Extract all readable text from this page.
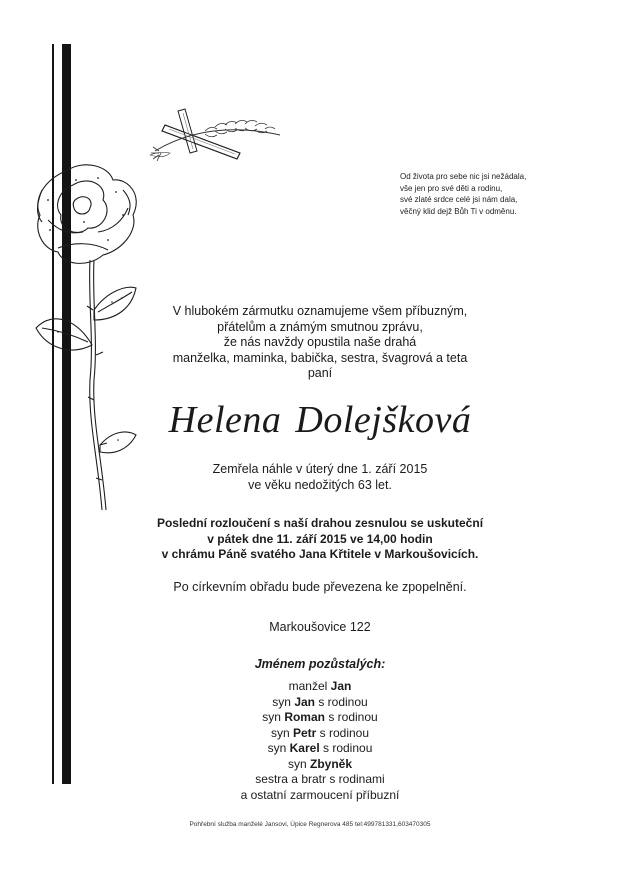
Od života pro sebe nic jsi nežádala,
vše jen pro své děti a rodinu,
své zlaté srdce celé jsi nám dala,
věčný klid dejž Bůh Ti v odměnu.
V hlubokém zármutku oznamujeme všem příbuzným,
přátelům a známým smutnou zprávu,
že nás navždy opustila naše drahá
manželka, maminka, babička, sestra, švagrová a teta
paní
Helena Dolejšková
Zemřela náhle v úterý dne 1. září 2015
ve věku nedožitých 63 let.
Poslední rozloučení s naší drahou zesnulou se uskuteční
v pátek dne 11. září 2015 ve 14,00 hodin
v chrámu Páně svatého Jana Křtitele v Markoušovicích.
Po církevním obřadu bude převezena ke zpopelnění.
Markoušovice 122
Jménem pozůstalých:
manžel Jan
syn Jan s rodinou
syn Roman s rodinou
syn Petr s rodinou
syn Karel s rodinou
syn Zbyněk
sestra a bratr s rodinami
a ostatní zarmoucení příbuzní
Pohřební služba manželé Jansovi, Úpice Regnerova 485 tel:499781331,603470305
